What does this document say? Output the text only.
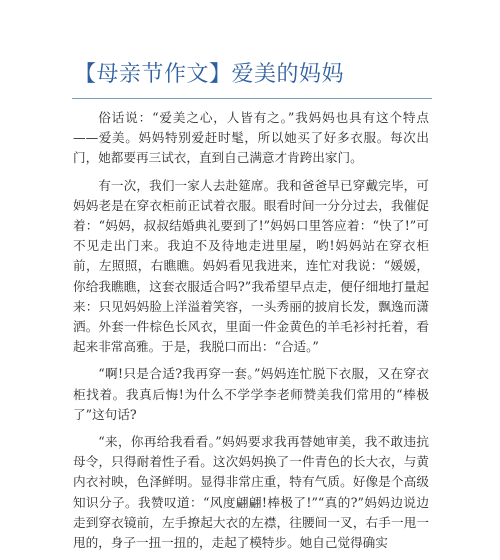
【母亲节作文】爱美的妈妈

俗话说：“爱美之心，人皆有之。”我妈妈也具有这个特点——爱美。妈妈特别爱赶时髦，所以她买了好多衣服。每次出门，她都要再三试衣，直到自己满意才肯跨出家门。

有一次，我们一家人去赴筵席。我和爸爸早已穿戴完毕，可妈妈老是在穿衣柜前正试着衣服。眼看时间一分分过去，我催促着：“妈妈，叔叔结婚典礼要到了!”妈妈口里答应着：“快了!”可不见走出门来。我迫不及待地走进里屋，哟!妈妈站在穿衣柜前，左照照，右瞧瞧。妈妈看见我进来，连忙对我说：“媛媛，你给我瞧瞧，这套衣服适合吗?”我希望早点走，便仔细地打量起来：只见妈妈脸上洋溢着笑容，一头秀丽的披肩长发，飘逸而潇洒。外套一件棕色长风衣，里面一件金黄色的羊毛衫衬托着，看起来非常高雅。于是，我脱口而出：“合适。”

“啊!只是合适?我再穿一套。”妈妈连忙脱下衣服，又在穿衣柜找着。我真后悔!为什么不学学李老师赞美我们常用的“棒极了”这句话?

“来，你再给我看看。”妈妈要求我再替她审美，我不敢违抗母令，只得耐着性子看。这次妈妈换了一件青色的长大衣，与黄内衣衬映，色泽鲜明。显得非常庄重，特有气质。好像是个高级知识分子。我赞叹道：“风度翩翩!棒极了!”“真的?”妈妈边说边走到穿衣镜前，左手撩起大衣的左襟，往腰间一叉，右手一甩一甩的，身子一扭一扭的，走起了模特步。她自己觉得确实
